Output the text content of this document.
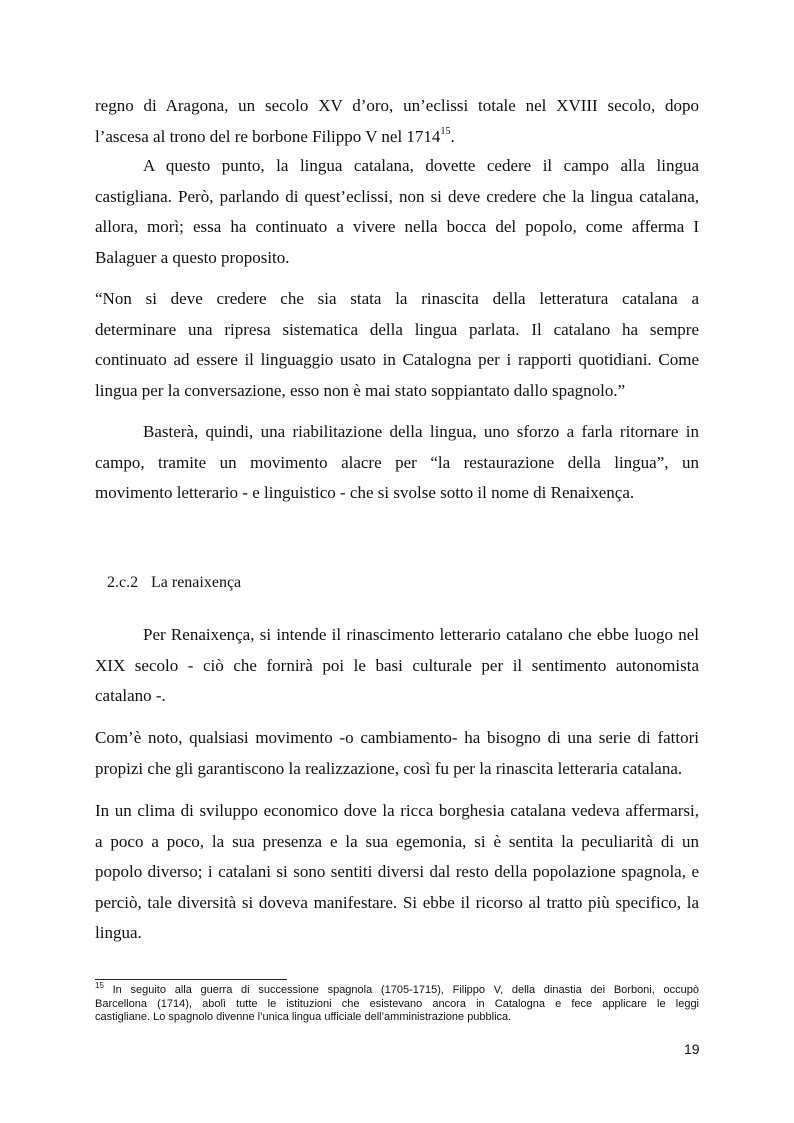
regno di Aragona, un secolo XV d’oro, un’eclissi totale nel XVIII secolo, dopo
l’ascesa al trono del re borbone Filippo V nel 1714$^{15}$.
A questo punto, la lingua catalana, dovette cedere il campo alla lingua
castigliana. Però, parlando di quest’eclissi, non si deve credere che la lingua catalana,
allora, morì; essa ha continuato a vivere nella bocca del popolo, come afferma I
Balaguer a questo proposito.
“Non si deve credere che sia stata la rinascita della letteratura catalana a
determinare una ripresa sistematica della lingua parlata. Il catalano ha sempre
continuato ad essere il linguaggio usato in Catalogna per i rapporti quotidiani. Come
lingua per la conversazione, esso non è mai stato soppiantato dallo spagnolo.”
Basterà, quindi, una riabilitazione della lingua, uno sforzo a farla ritornare in
campo, tramite un movimento alacre per “la restaurazione della lingua”, un
movimento letterario - e linguistico - che si svolse sotto il nome di Renaixença.
2.c.2 La renaixença
Per Renaixença, si intende il rinascimento letterario catalano che ebbe luogo nel
XIX secolo - ciò che fornirà poi le basi culturale per il sentimento autonomista
catalano -.
Com’è noto, qualsiasi movimento -o cambiamento- ha bisogno di una serie di fattori
propizi che gli garantiscono la realizzazione, così fu per la rinascita letteraria catalana.
In un clima di sviluppo economico dove la ricca borghesia catalana vedeva affermarsi,
a poco a poco, la sua presenza e la sua egemonia, si è sentita la peculiarità di un
popolo diverso; i catalani si sono sentiti diversi dal resto della popolazione spagnola, e
perciò, tale diversità si doveva manifestare. Si ebbe il ricorso al tratto più specifico, la
lingua.
$^{15}$ In seguito alla guerra di successione spagnola (1705-1715), Filippo V, della dinastia dei Borboni, occupò
Barcellona (1714), abolì tutte le istituzioni che esistevano ancora in Catalogna e fece applicare le leggi
castigliane. Lo spagnolo divenne l’unica lingua ufficiale dell’amministrazione pubblica.
19
